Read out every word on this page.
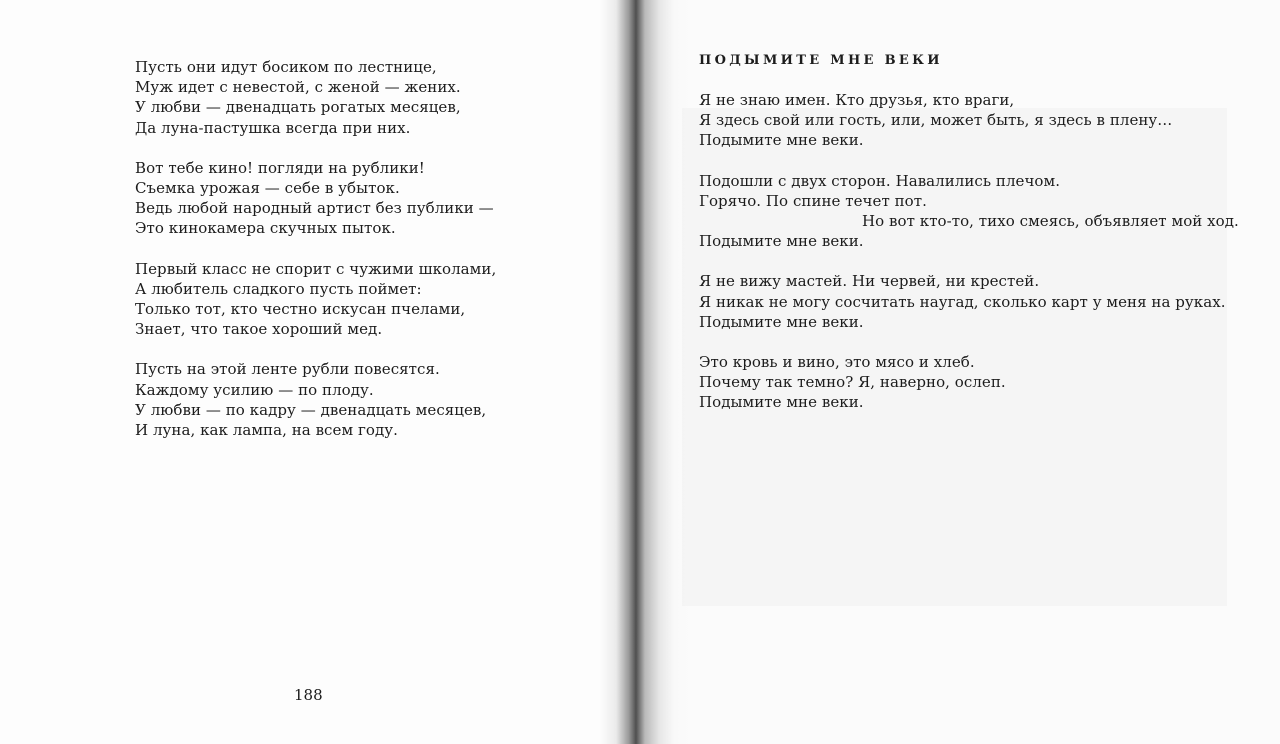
Пусть они идут босиком по лестнице,
Муж идет с невестой, с женой — жених.
У любви — двенадцать рогатых месяцев,
Да луна-пастушка всегда при них.
Вот тебе кино! погляди на рублики!
Съемка урожая — себе в убыток.
Ведь любой народный артист без публики —
Это кинокамера скучных пыток.
Первый класс не спорит с чужими школами,
А любитель сладкого пусть поймет:
Только тот, кто честно искусан пчелами,
Знает, что такое хороший мед.
Пусть на этой ленте рубли повесятся.
Каждому усилию — по плоду.
У любви — по кадру — двенадцать месяцев,
И луна, как лампа, на всем году.
188
ПОДЫМИТЕ МНЕ ВЕКИ
Я не знаю имен. Кто друзья, кто враги,
Я здесь свой или гость, или, может быть, я здесь в плену…
Подымите мне веки.
Подошли с двух сторон. Навалились плечом.
Горячо. По спине течет пот.
Но вот кто-то, тихо смеясь, объявляет мой ход.
Подымите мне веки.
Я не вижу мастей. Ни червей, ни крестей.
Я никак не могу сосчитать наугад, сколько карт у меня на руках.
Подымите мне веки.
Это кровь и вино, это мясо и хлеб.
Почему так темно? Я, наверно, ослеп.
Подымите мне веки.
